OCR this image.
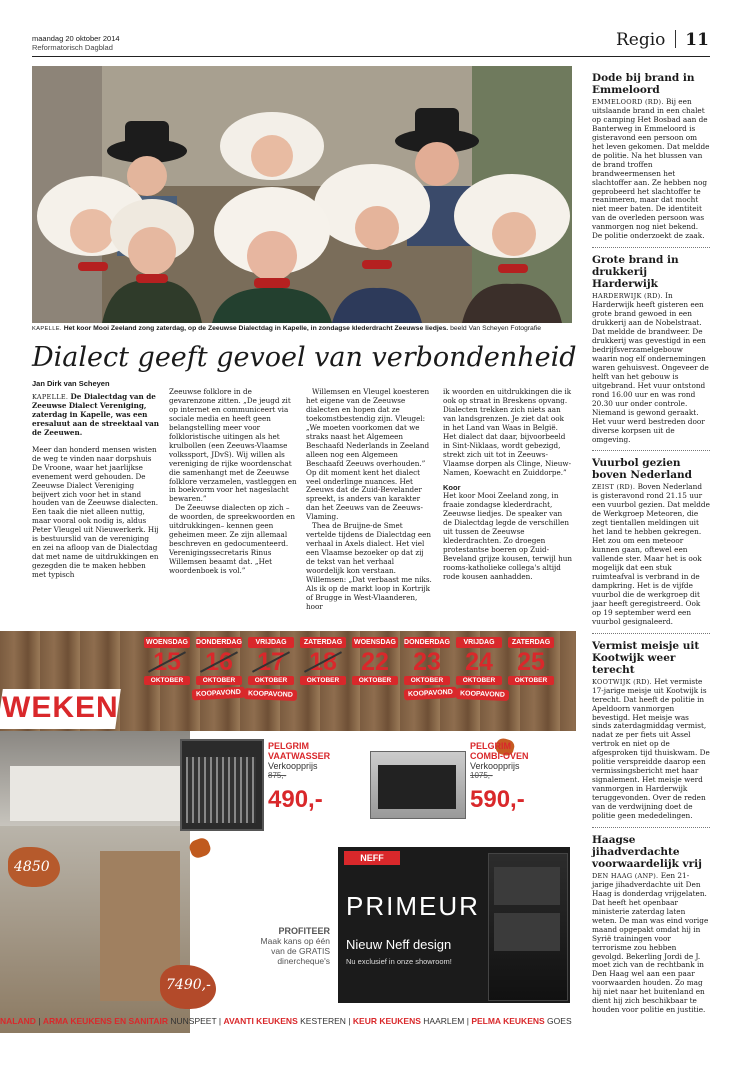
maandag 20 oktober 2014
Reformatorisch Dagblad	Regio 11
KAPELLE. Het koor Mooi Zeeland zong zaterdag, op de Zeeuwse Dialectdag in Kapelle, in zondagse klederdracht Zeeuwse liedjes. beeld Van Scheyen Fotografie
Dialect geeft gevoel van verbondenheid
Jan Dirk van Scheyen

KAPELLE. De Dialectdag van de Zeeuwse Dialect Vereniging, zaterdag in Kapelle, was een eresaluut aan de streektaal van de Zeeuwen.

Meer dan honderd mensen wisten de weg te vinden naar dorpshuis De Vroone, waar het jaarlijkse evenement werd gehouden. De Zeeuwse Dialect Vereniging beijvert zich voor het in stand houden van de Zeeuwse dialecten. Een taak die niet alleen nuttig, maar vooral ook nodig is, aldus Peter Vleugel uit Nieuwerkerk. Hij is bestuurslid van de vereniging en zei na afloop van de Dialectdag dat met name de uitdrukkingen en gezegden die te maken hebben met typisch

Zeeuwse folklore in de gevarenzone zitten. „De jeugd zit op internet en communiceert via sociale media en heeft geen belangstelling meer voor folkloristische uitingen als het krulbollen (een Zeeuws-Vlaamse volkssport, JDvS). Wij willen als vereniging de rijke woordenschat die samenhangt met de Zeeuwse folklore verzamelen, vastleggen en in boekvorm voor het nageslacht bewaren.”

De Zeeuwse dialecten op zich –de woorden, de spreekwoorden en uitdrukkingen– kennen geen geheimen meer. Ze zijn allemaal beschreven en gedocumenteerd. Verenigingssecretaris Rinus Willemsen beaamt dat. „Het woordenboek is vol.”

Willemsen en Vleugel koesteren het eigene van de Zeeuwse dialecten en hopen dat ze toekomstbestendig zijn. Vleugel: „We moeten voorkomen dat we straks naast het Algemeen Beschaafd Nederlands in Zeeland alleen nog een Algemeen Beschaafd Zeeuws overhouden.” Op dit moment kent het dialect veel onderlinge nuances. Het Zeeuws dat de Zuid-Bevelander spreekt, is anders van karakter dan het Zeeuws van de Zeeuws-Vlaming.

Thea de Bruijne-de Smet vertelde tijdens de Dialectdag een verhaal in Axels dialect. Het viel een Vlaamse bezoeker op dat zij de tekst van het verhaal woordelijk kon verstaan. Willemsen: „Dat verbaast me niks. Als ik op de markt loop in Kortrijk of Brugge in West-Vlaanderen, hoor

ik woorden en uitdrukkingen die ik ook op straat in Breskens opvang. Dialecten trekken zich niets aan van landsgrenzen. Je ziet dat ook in het Land van Waas in België. Het dialect dat daar, bijvoorbeeld in Sint-Niklaas, wordt gebezigd, strekt zich uit tot in Zeeuws-Vlaamse dorpen als Clinge, Nieuw-Namen, Koewacht en Zuiddorpe.”

Koor

Het koor Mooi Zeeland zong, in fraaie zondagse klederdracht, Zeeuwse liedjes. De speaker van de Dialectdag legde de verschillen uit tussen de Zeeuwse klederdrachten. Zo droegen protestantse boeren op Zuid-Beveland grijze kousen, terwijl hun rooms-katholieke collega's altijd rode kousen aanhadden.

Dode bij brand in Emmeloord

EMMELOORD (RD). Bij een uitslaande brand in een chalet op camping Het Bosbad aan de Banterweg in Emmeloord is gisteravond een persoon om het leven gekomen. Dat meldde de politie. Na het blussen van de brand troffen brandweermensen het slachtoffer aan. Ze hebben nog geprobeerd het slachtoffer te reanimeren, maar dat mocht niet meer baten. De identiteit van de overleden persoon was vanmorgen nog niet bekend. De politie onderzoekt de zaak.

Grote brand in drukkerij Harderwijk

HARDERWIJK (RD). In Harderwijk heeft gisteren een grote brand gewoed in een drukkerij aan de Nobelstraat. Dat meldde de brandweer. De drukkerij was gevestigd in een bedrijfsverzamelgebouw waarin nog elf ondernemingen waren gehuisvest. Ongeveer de helft van het gebouw is uitgebrand. Het vuur ontstond rond 16.00 uur en was rond 20.30 uur onder controle. Niemand is gewond geraakt. Het vuur werd bestreden door diverse korpsen uit de omgeving.

Vuurbol gezien boven Nederland

ZEIST (RD). Boven Nederland is gisteravond rond 21.15 uur een vuurbol gezien. Dat meldde de Werkgroep Meteoren, die zegt tientallen meldingen uit het land te hebben gekregen. Het zou om een meteoor kunnen gaan, oftewel een vallende ster. Maar het is ook mogelijk dat een stuk ruimteafval is verbrand in de dampkring. Het is de vijfde vuurbol die de werkgroep dit jaar heeft geregistreerd. Ook op 19 september werd een vuurbol gesignaleerd.

Vermist meisje uit Kootwijk weer terecht

KOOTWIJK (RD). Het vermiste 17-jarige meisje uit Kootwijk is terecht. Dat heeft de politie in Apeldoorn vanmorgen bevestigd. Het meisje was sinds zaterdagmiddag vermist, nadat ze per fiets uit Assel vertrok en niet op de afgesproken tijd thuiskwam. De politie verspreidde daarop een vermissingsbericht met haar signalement. Het meisje werd vanmorgen in Harderwijk teruggevonden. Over de reden van de verdwijning doet de politie geen mededelingen.

Haagse jihadverdachte voorwaardelijk vrij

DEN HAAG (ANP). Een 21-jarige jihadverdachte uit Den Haag is donderdag vrijgelaten. Dat heeft het openbaar ministerie zaterdag laten weten. De man was eind vorige maand opgepakt omdat hij in Syrië trainingen voor terrorisme zou hebben gevolgd. Bekerling Jordi de J. moet zich van de rechtbank in Den Haag wel aan een paar voorwaarden houden. Zo mag hij niet naar het buitenland en dient hij zich beschikbaar te houden voor politie en justitie.

WEKEN
WOENSDAG
15
OKTOBER
DONDERDAG
16
OKTOBER
VRIJDAG
17
OKTOBER
ZATERDAG
18
OKTOBER
WOENSDAG
22
OKTOBER
DONDERDAG
23
OKTOBER
VRIJDAG
24
OKTOBER
ZATERDAG
25
OKTOBER
KOOPAVOND KOOPAVOND	KOOPAVOND KOOPAVOND
4850
7490,-
PELGRIM
VAATWASSER
Verkoopprijs
875,-
490,-
PELGRIM
COMBI-OVEN
Verkoopprijs
1075,-
590,-
PROFITEER
Maak kans op één van de GRATIS dinercheque's
NEFF
PRIMEUR
Nieuw Neff design
Nu exclusief in onze showroom!
NALAND | ARMA KEUKENS EN SANITAIR NUNSPEET | AVANTI KEUKENS KESTEREN | KEUR KEUKENS HAARLEM | PELMA KEUKENS GOES
